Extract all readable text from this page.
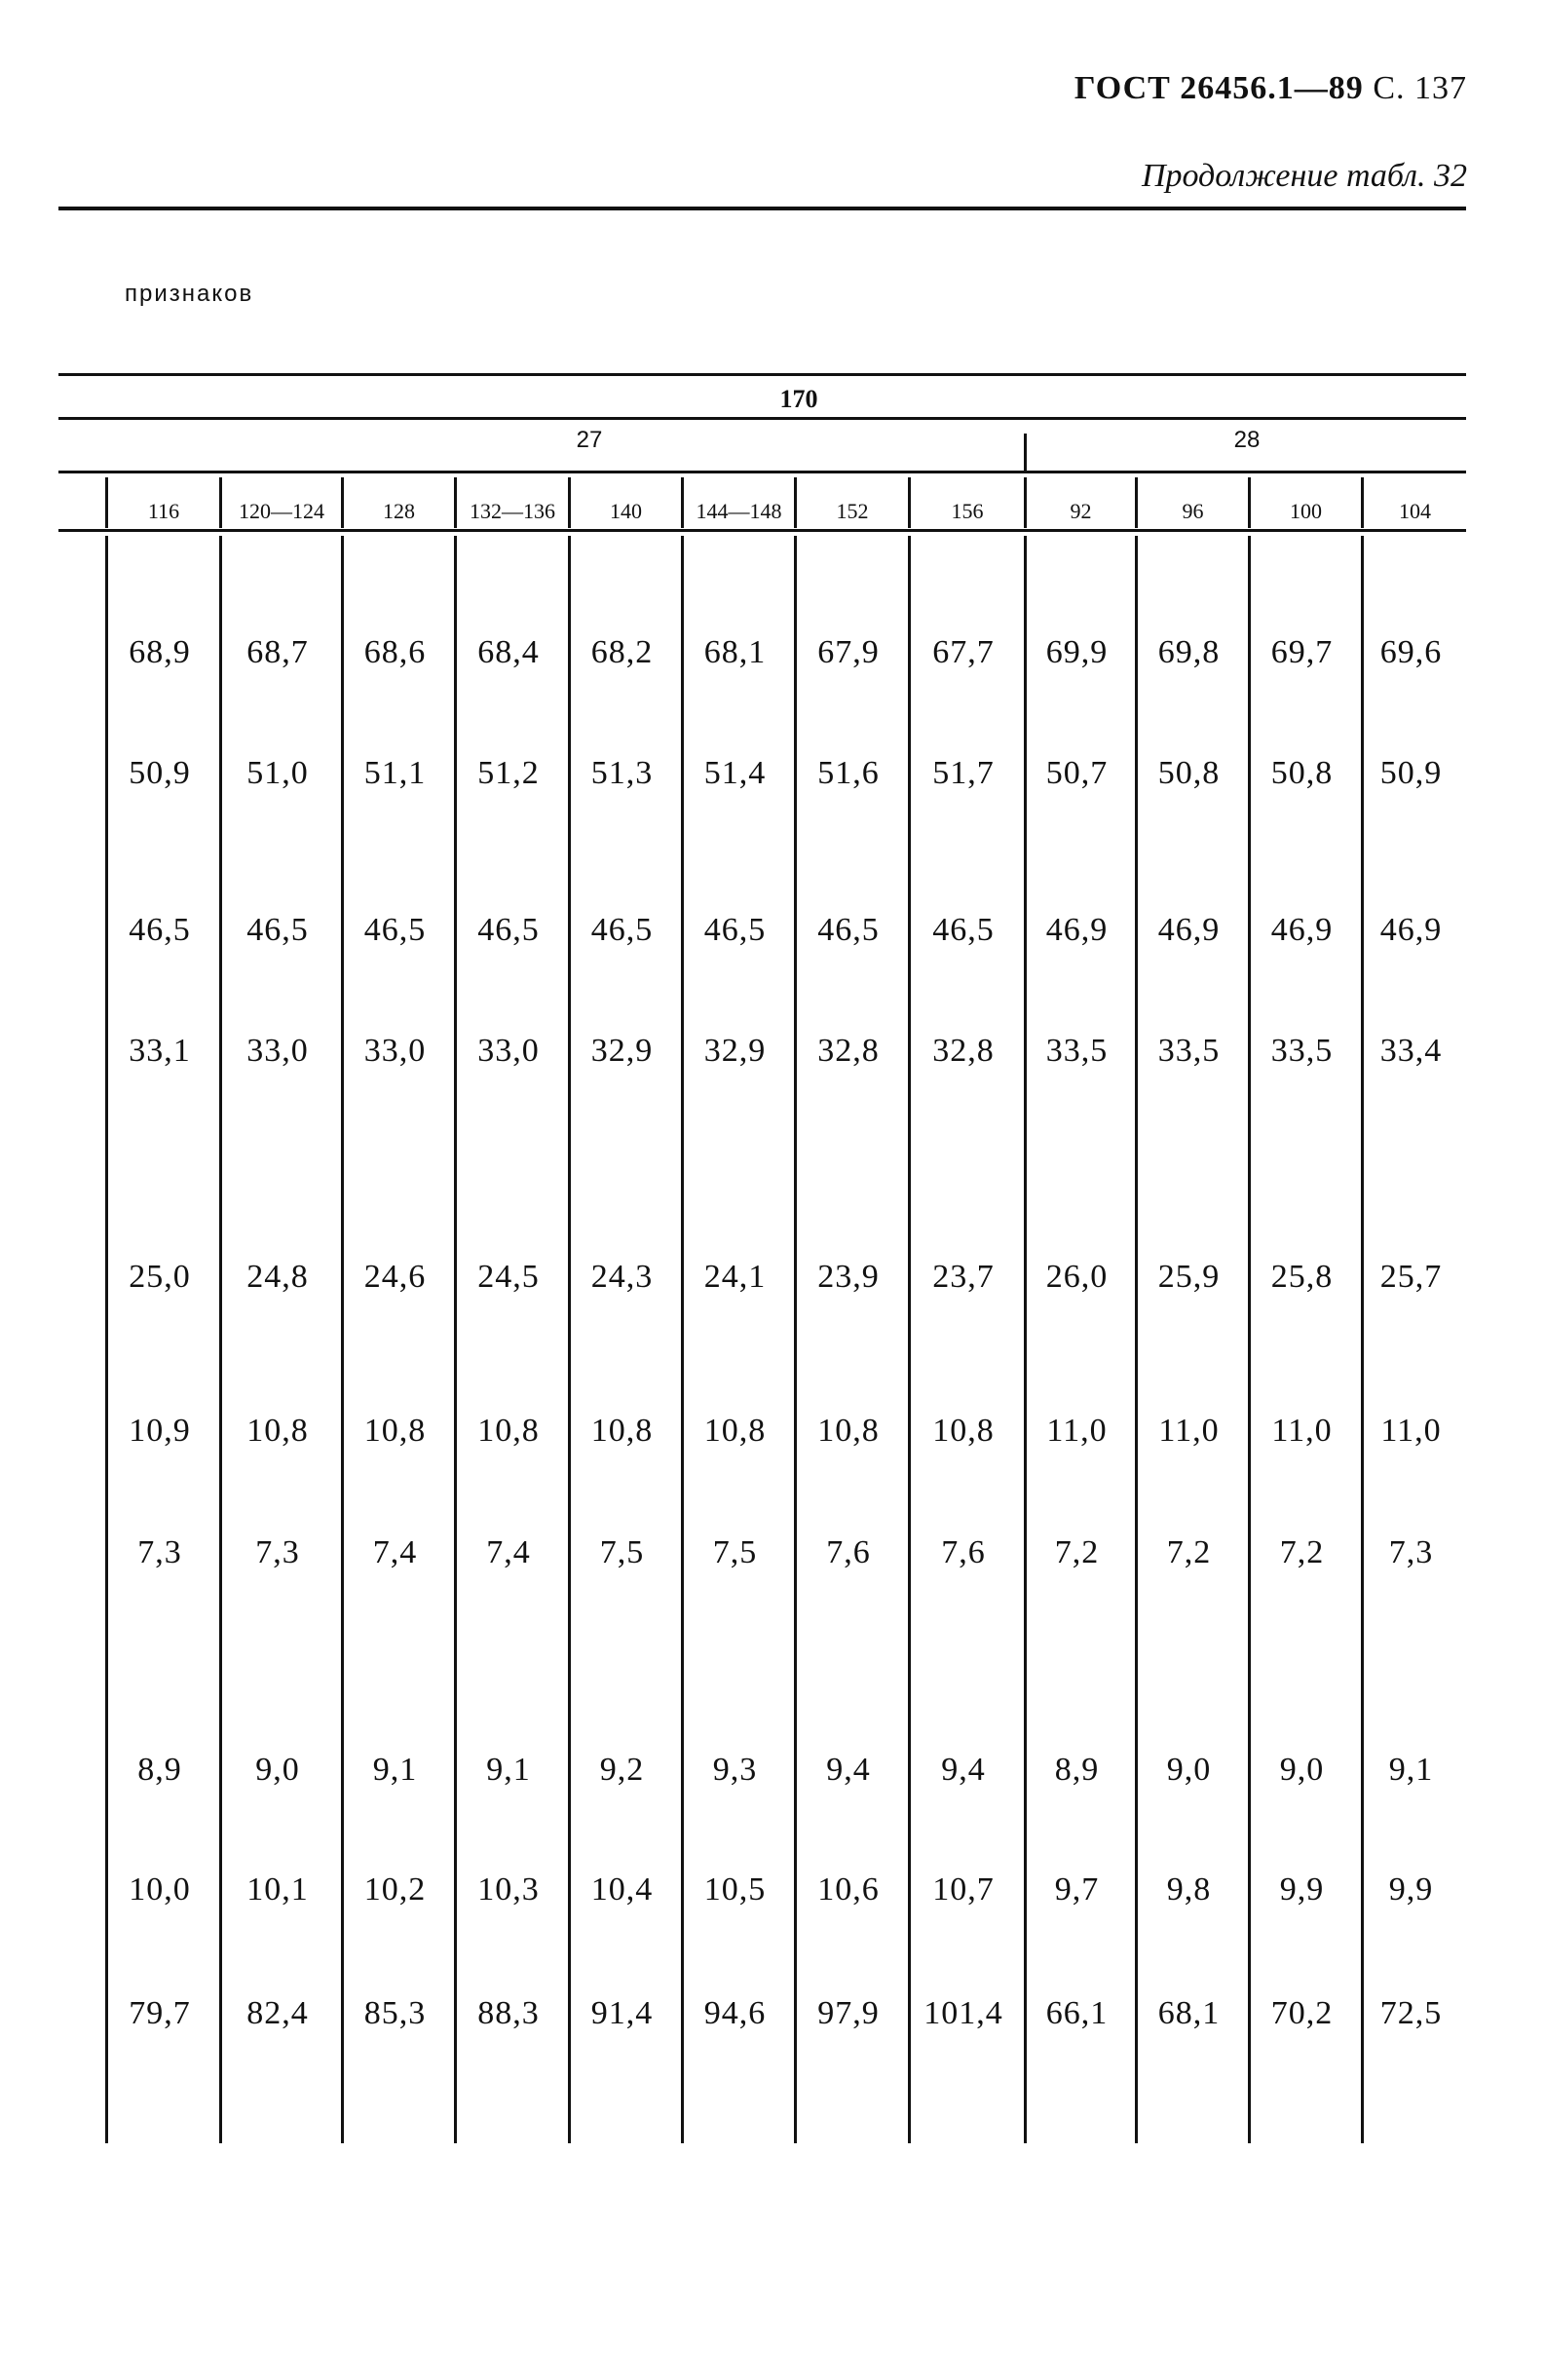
ГОСТ 26456.1—89 С. 137
Продолжение табл. 32
признаков
170
27	28
116	120—124	128	132—136	140	144—148	152	156	92	96	100	104
68,9	68,7	68,6	68,4	68,2	68,1	67,9	67,7	69,9	69,8	69,7	69,6
50,9	51,0	51,1	51,2	51,3	51,4	51,6	51,7	50,7	50,8	50,8	50,9
46,5	46,5	46,5	46,5	46,5	46,5	46,5	46,5	46,9	46,9	46,9	46,9
33,1	33,0	33,0	33,0	32,9	32,9	32,8	32,8	33,5	33,5	33,5	33,4
25,0	24,8	24,6	24,5	24,3	24,1	23,9	23,7	26,0	25,9	25,8	25,7
10,9	10,8	10,8	10,8	10,8	10,8	10,8	10,8	11,0	11,0	11,0	11,0
7,3	7,3	7,4	7,4	7,5	7,5	7,6	7,6	7,2	7,2	7,2	7,3
8,9	9,0	9,1	9,1	9,2	9,3	9,4	9,4	8,9	9,0	9,0	9,1
10,0	10,1	10,2	10,3	10,4	10,5	10,6	10,7	9,7	9,8	9,9	9,9
79,7	82,4	85,3	88,3	91,4	94,6	97,9	101,4	66,1	68,1	70,2	72,5
